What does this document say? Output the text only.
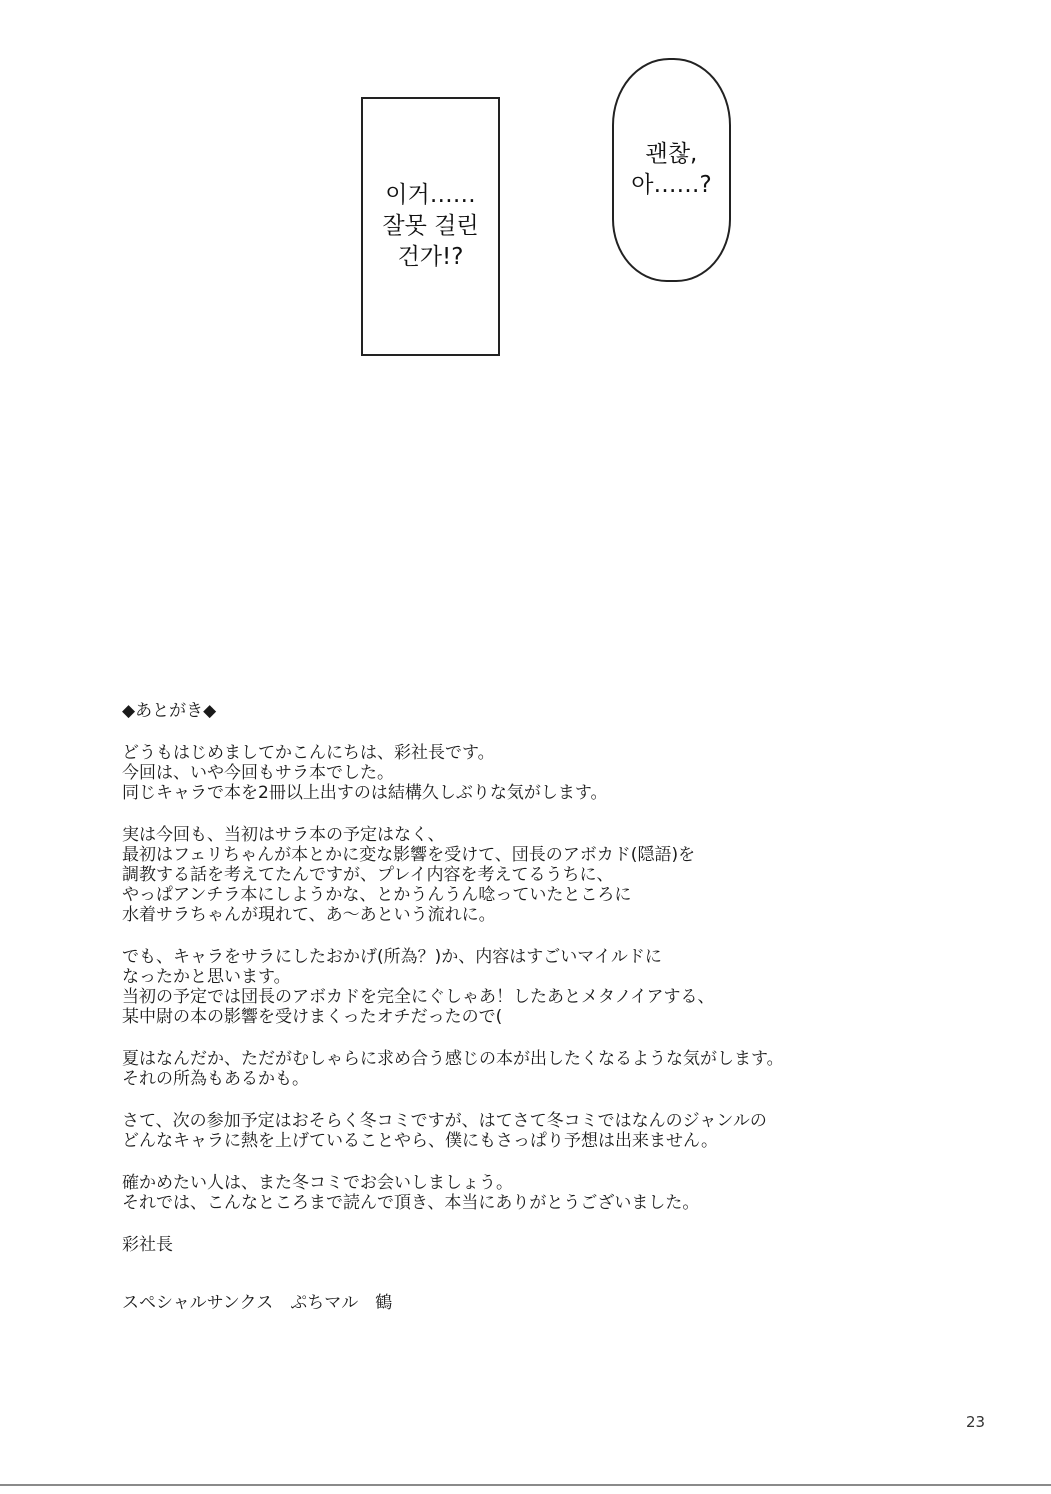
이거……
잘못 걸린
건가!?
괜찮,
아……?
◆あとがき◆
どうもはじめましてかこんにちは、彩社長です。
今回は、いや今回もサラ本でした。
同じキャラで本を2冊以上出すのは結構久しぶりな気がします。
実は今回も、当初はサラ本の予定はなく、
最初はフェリちゃんが本とかに変な影響を受けて、団長のアボカド(隠語)を
調教する話を考えてたんですが、プレイ内容を考えてるうちに、
やっぱアンチラ本にしようかな、とかうんうん唸っていたところに
水着サラちゃんが現れて、あ～あという流れに。
でも、キャラをサラにしたおかげ(所為？)か、内容はすごいマイルドに
なったかと思います。
当初の予定では団長のアボカドを完全にぐしゃあ！したあとメタノイアする、
某中尉の本の影響を受けまくったオチだったので(
夏はなんだか、ただがむしゃらに求め合う感じの本が出したくなるような気がします。
それの所為もあるかも。
さて、次の参加予定はおそらく冬コミですが、はてさて冬コミではなんのジャンルの
どんなキャラに熱を上げていることやら、僕にもさっぱり予想は出来ません。
確かめたい人は、また冬コミでお会いしましょう。
それでは、こんなところまで読んで頂き、本当にありがとうございました。
彩社長
スペシャルサンクス　ぷちマル　鶴
23
